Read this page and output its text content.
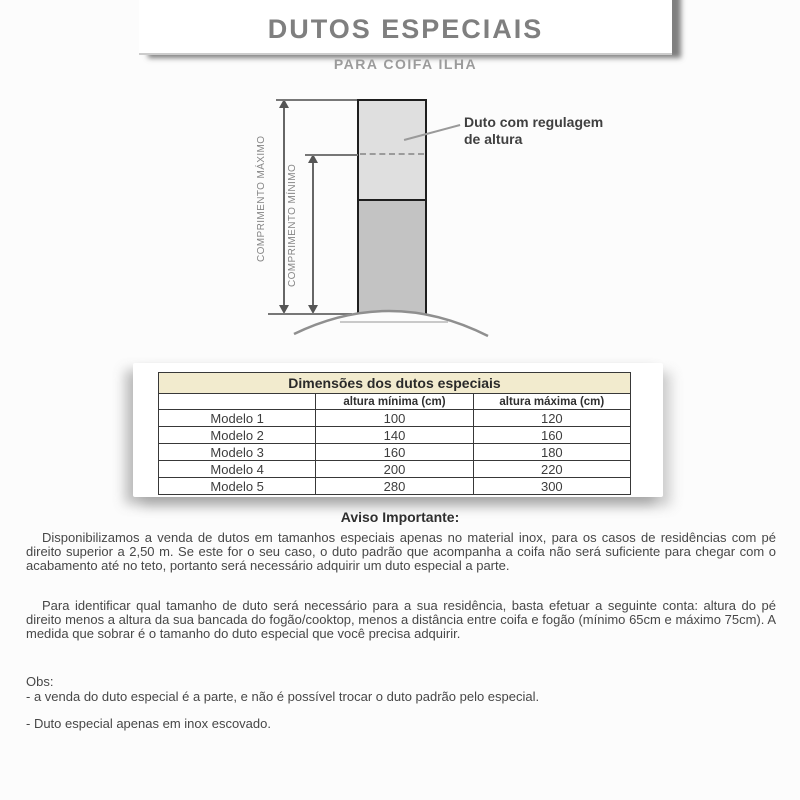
DUTOS ESPECIAIS
PARA COIFA ILHA
COMPRIMENTO MÁXIMO COMPRIMENTO MÍNIMO
Duto com regulagem
de altura
Dimensões dos dutos especiais		
	altura mínima (cm)	altura máxima (cm)
Modelo 1	100	120
Modelo 2	140	160
Modelo 3	160	180
Modelo 4	200	220
Modelo 5	280	300
Aviso Importante:

Disponibilizamos a venda de dutos em tamanhos especiais apenas no material inox, para os casos de residências com pé direito superior a 2,50 m. Se este for o seu caso, o duto padrão que acompanha a coifa não será suficiente para chegar com o acabamento até no teto, portanto será necessário adquirir um duto especial a parte.

Para identificar qual tamanho de duto será necessário para a sua residência, basta efetuar a seguinte conta: altura do pé direito menos a altura da sua bancada do fogão/cooktop, menos a distância entre coifa e fogão (mínimo 65cm e máximo 75cm). A medida que sobrar é o tamanho do duto especial que você precisa adquirir.

Obs:
- a venda do duto especial é a parte, e não é possível trocar o duto padrão pelo especial.
- Duto especial apenas em inox escovado.
